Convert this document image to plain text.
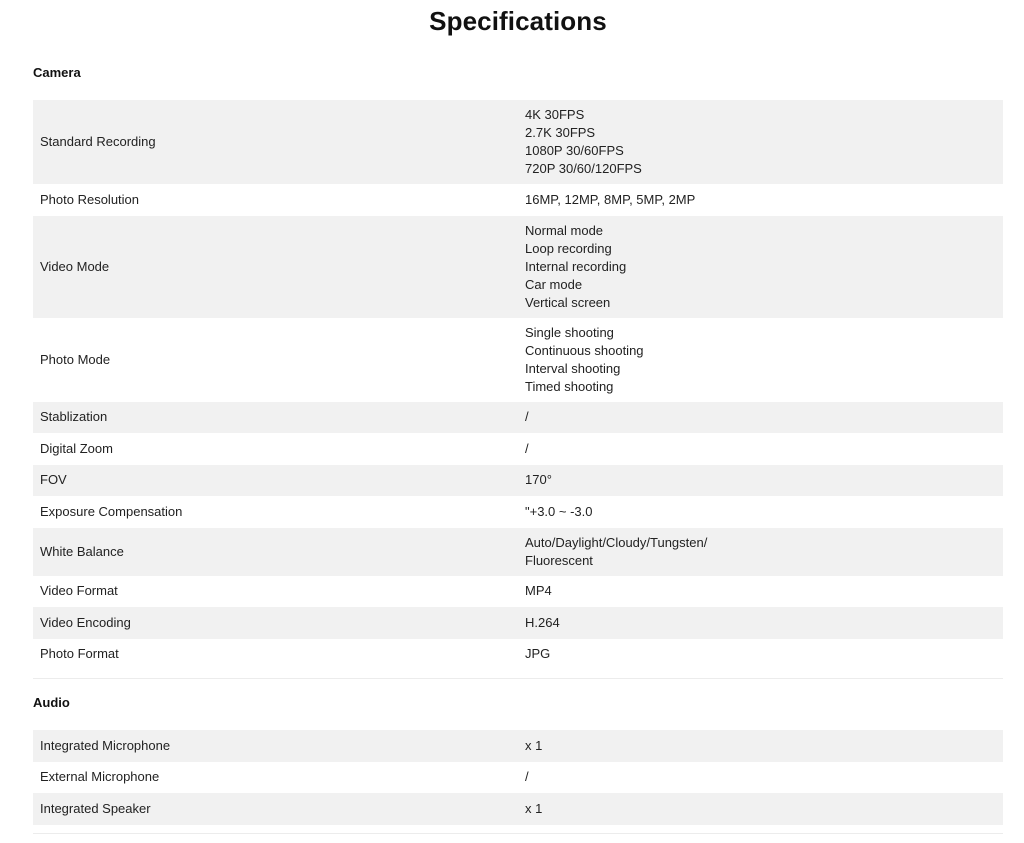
Specifications
Camera
Standard Recording	4K 30FPS
2.7K 30FPS
1080P 30/60FPS
720P 30/60/120FPS

Photo Resolution	16MP, 12MP, 8MP, 5MP, 2MP

Video Mode	Normal mode
Loop recording
Internal recording
Car mode
Vertical screen

Photo Mode	Single shooting
Continuous shooting
Interval shooting
Timed shooting

Stablization	/

Digital Zoom	/

FOV	170°

Exposure Compensation	"+3.0 ~ -3.0

White Balance	Auto/Daylight/Cloudy/Tungsten/
Fluorescent

Video Format	MP4

Video Encoding	H.264

Photo Format	JPG
Audio
Integrated Microphone	x 1

External Microphone	/

Integrated Speaker	x 1
